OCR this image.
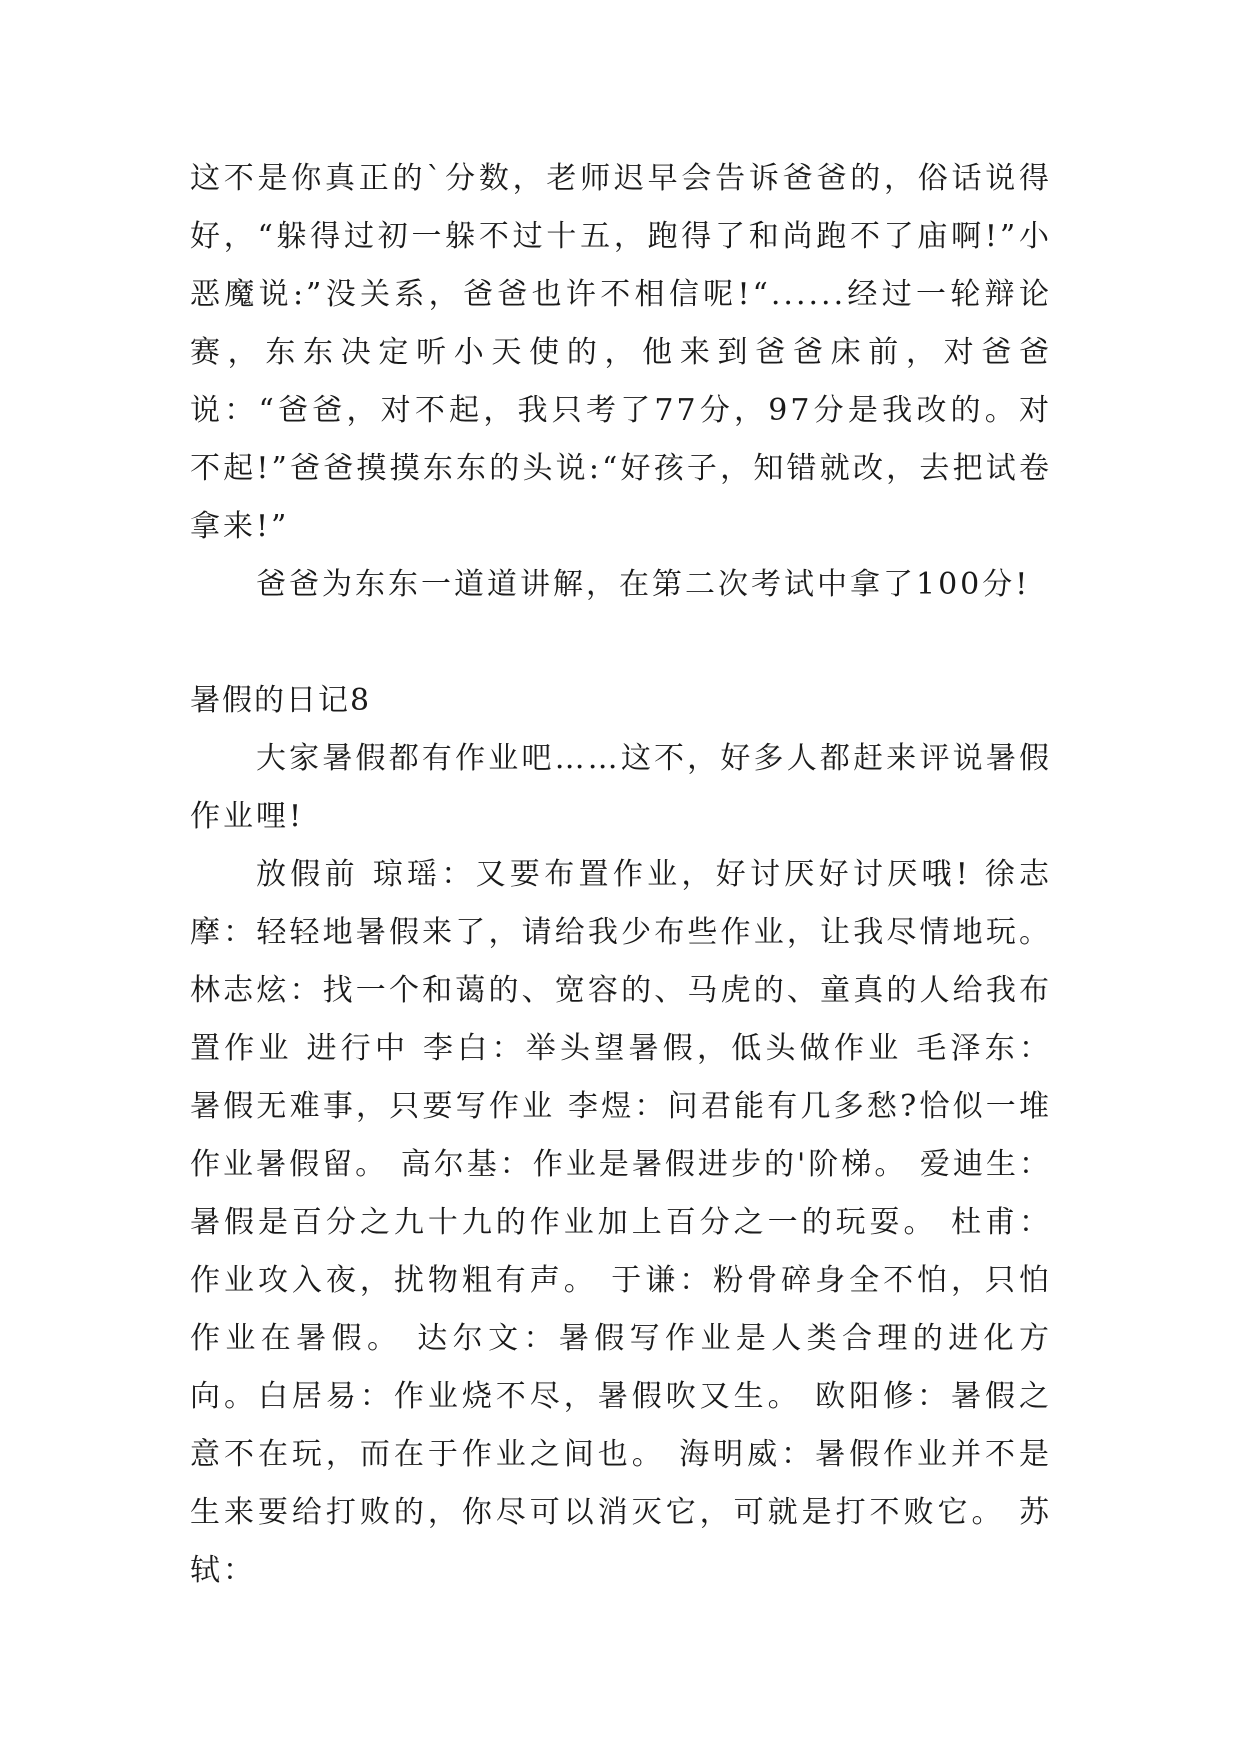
这不是你真正的`分数，老师迟早会告诉爸爸的，俗话说得好，“躲得过初一躲不过十五，跑得了和尚跑不了庙啊!”小恶魔说:”没关系，爸爸也许不相信呢!“......经过一轮辩论赛，东东决定听小天使的，他来到爸爸床前，对爸爸说：“爸爸，对不起，我只考了77分，97分是我改的。对不起!”爸爸摸摸东东的头说:“好孩子，知错就改，去把试卷拿来!”

爸爸为东东一道道讲解，在第二次考试中拿了100分!

暑假的日记8

大家暑假都有作业吧……这不，好多人都赶来评说暑假作业哩!

放假前 琼瑶：又要布置作业，好讨厌好讨厌哦! 徐志摩：轻轻地暑假来了，请给我少布些作业，让我尽情地玩。林志炫：找一个和蔼的、宽容的、马虎的、童真的人给我布置作业 进行中 李白：举头望暑假，低头做作业 毛泽东：暑假无难事，只要写作业 李煜：问君能有几多愁?恰似一堆作业暑假留。 高尔基：作业是暑假进步的'阶梯。 爱迪生：暑假是百分之九十九的作业加上百分之一的玩耍。 杜甫：作业攻入夜，扰物粗有声。 于谦：粉骨碎身全不怕，只怕作业在暑假。 达尔文：暑假写作业是人类合理的进化方向。白居易：作业烧不尽，暑假吹又生。 欧阳修：暑假之意不在玩，而在于作业之间也。 海明威：暑假作业并不是生来要给打败的，你尽可以消灭它，可就是打不败它。 苏轼：
